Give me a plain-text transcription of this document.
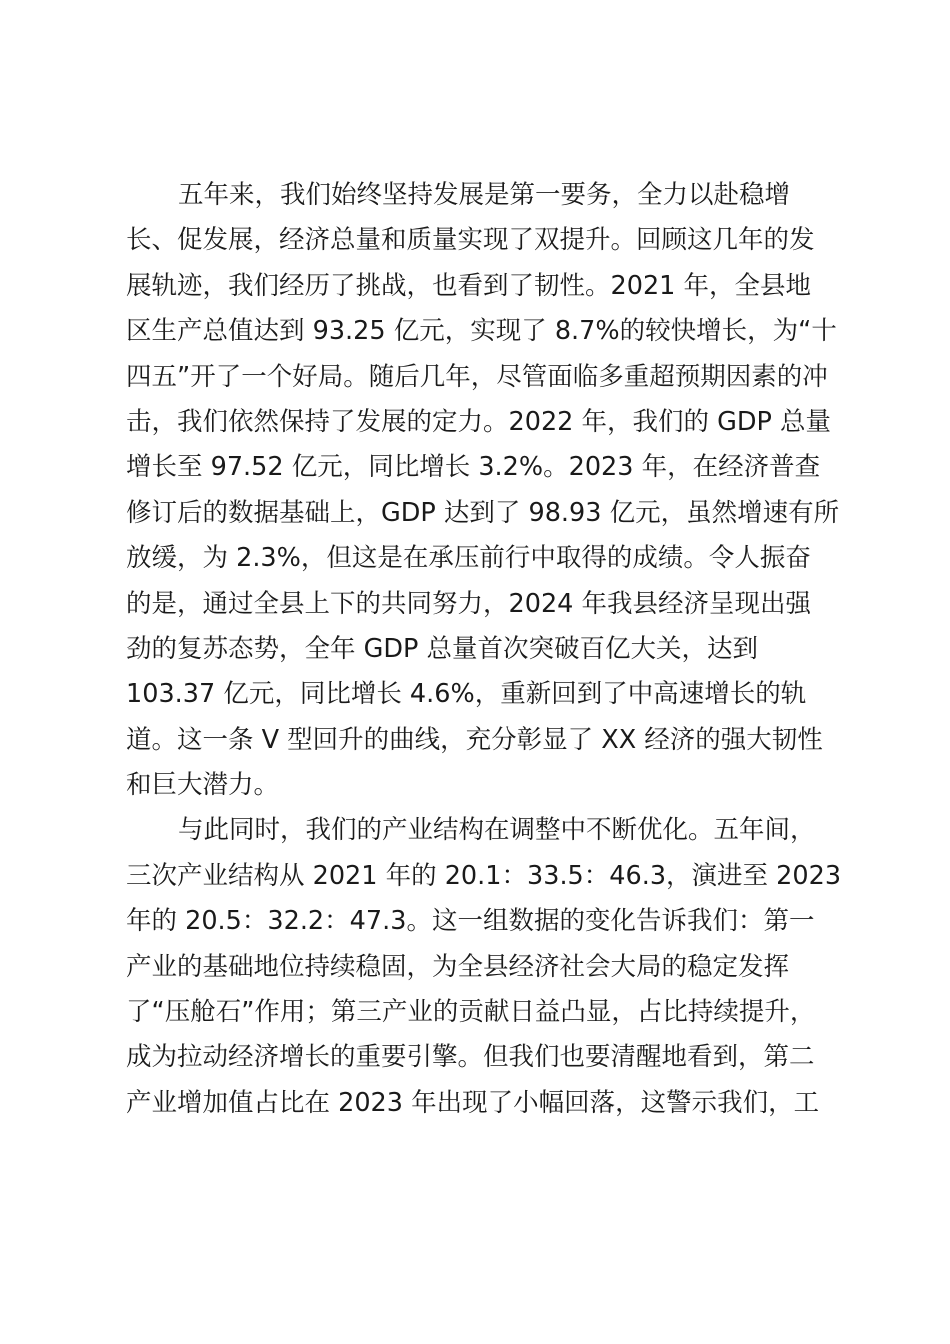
五年来，我们始终坚持发展是第一要务，全力以赴稳增
长、促发展，经济总量和质量实现了双提升。回顾这几年的发
展轨迹，我们经历了挑战，也看到了韧性。2021 年，全县地
区生产总值达到 93.25 亿元，实现了 8.7%的较快增长，为“十
四五”开了一个好局。随后几年，尽管面临多重超预期因素的冲
击，我们依然保持了发展的定力。2022 年，我们的 GDP 总量
增长至 97.52 亿元，同比增长 3.2%。2023 年，在经济普查
修订后的数据基础上，GDP 达到了 98.93 亿元，虽然增速有所
放缓，为 2.3%，但这是在承压前行中取得的成绩。令人振奋
的是，通过全县上下的共同努力，2024 年我县经济呈现出强
劲的复苏态势，全年 GDP 总量首次突破百亿大关，达到
103.37 亿元，同比增长 4.6%，重新回到了中高速增长的轨
道。这一条 V 型回升的曲线，充分彰显了 XX 经济的强大韧性
和巨大潜力。
与此同时，我们的产业结构在调整中不断优化。五年间，
三次产业结构从 2021 年的 20.1：33.5：46.3，演进至 2023
年的 20.5：32.2：47.3。这一组数据的变化告诉我们：第一
产业的基础地位持续稳固，为全县经济社会大局的稳定发挥
了“压舱石”作用；第三产业的贡献日益凸显，占比持续提升，
成为拉动经济增长的重要引擎。但我们也要清醒地看到，第二
产业增加值占比在 2023 年出现了小幅回落，这警示我们，工
